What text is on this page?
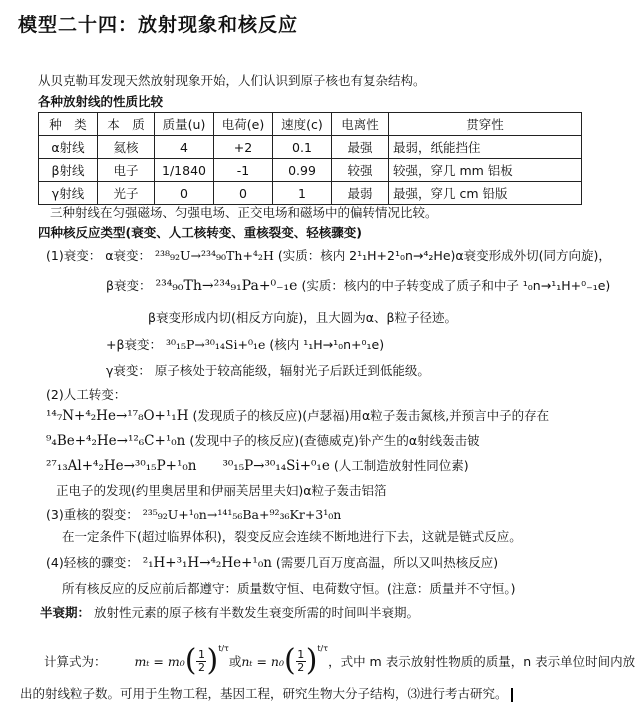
模型二十四：放射现象和核反应
从贝克勒耳发现天然放射现象开始，人们认识到原子核也有复杂结构。
各种放射线的性质比较
种　类	本　质	质量(u)	电荷(e)	速度(c)	电离性	贯穿性
α射线	氦核	4	+2	0.1	最强	最弱，纸能挡住
β射线	电子	1/1840	-1	0.99	较强	较强，穿几 mm 铝板
γ射线	光子	0	0	1	最弱	最强，穿几 cm 铅版
三种射线在匀强磁场、匀强电场、正交电场和磁场中的偏转情况比较。
四种核反应类型(衰变、人工核转变、重核裂变、轻核骤变)
(1)衰变： α衰变： ²³⁸₉₂U→²³⁴₉₀Th+⁴₂H (实质：核内 2¹₁H+2¹₀n→⁴₂He)α衰变形成外切(同方向旋)，
β衰变： ²³⁴₉₀Th→²³⁴₉₁Pa+⁰₋₁e (实质：核内的中子转变成了质子和中子 ¹₀n→¹₁H+⁰₋₁e)
β衰变形成内切(相反方向旋)，且大圆为α、β粒子径迹。
+β衰变： ³⁰₁₅P→³⁰₁₄Si+⁰₁e (核内 ¹₁H→¹₀n+⁰₁e)
γ衰变： 原子核处于较高能级，辐射光子后跃迁到低能级。
(2)人工转变：
¹⁴₇N+⁴₂He→¹⁷₈O+¹₁H (发现质子的核反应)(卢瑟福)用α粒子轰击氮核,并预言中子的存在
⁹₄Be+⁴₂He→¹²₆C+¹₀n (发现中子的核反应)(查德威克)钋产生的α射线轰击铍
²⁷₁₃Al+⁴₂He→³⁰₁₅P+¹₀n ³⁰₁₅P→³⁰₁₄Si+⁰₁e (人工制造放射性同位素)
正电子的发现(约里奥居里和伊丽芙居里夫妇)α粒子轰击铝箔
(3)重核的裂变： ²³⁵₉₂U+¹₀n→¹⁴¹₅₆Ba+⁹²₃₆Kr+3¹₀n
在一定条件下(超过临界体积)，裂变反应会连续不断地进行下去，这就是链式反应。
(4)轻核的骤变： ²₁H+³₁H→⁴₂He+¹₀n (需要几百万度高温，所以又叫热核反应)
所有核反应的反应前后都遵守：质量数守恒、电荷数守恒。(注意：质量并不守恒。)
半衰期： 放射性元素的原子核有半数发生衰变所需的时间叫半衰期。
计算式为： mₜ = m₀ ( 1
2 ) t/τ
或 nₜ = n₀ ( 1
2 ) t/τ
，式中 m 表示放射性物质的质量，n 表示单位时间内放
出的射线粒子数。可用于生物工程，基因工程，研究生物大分子结构，⑶进行考古研究。
